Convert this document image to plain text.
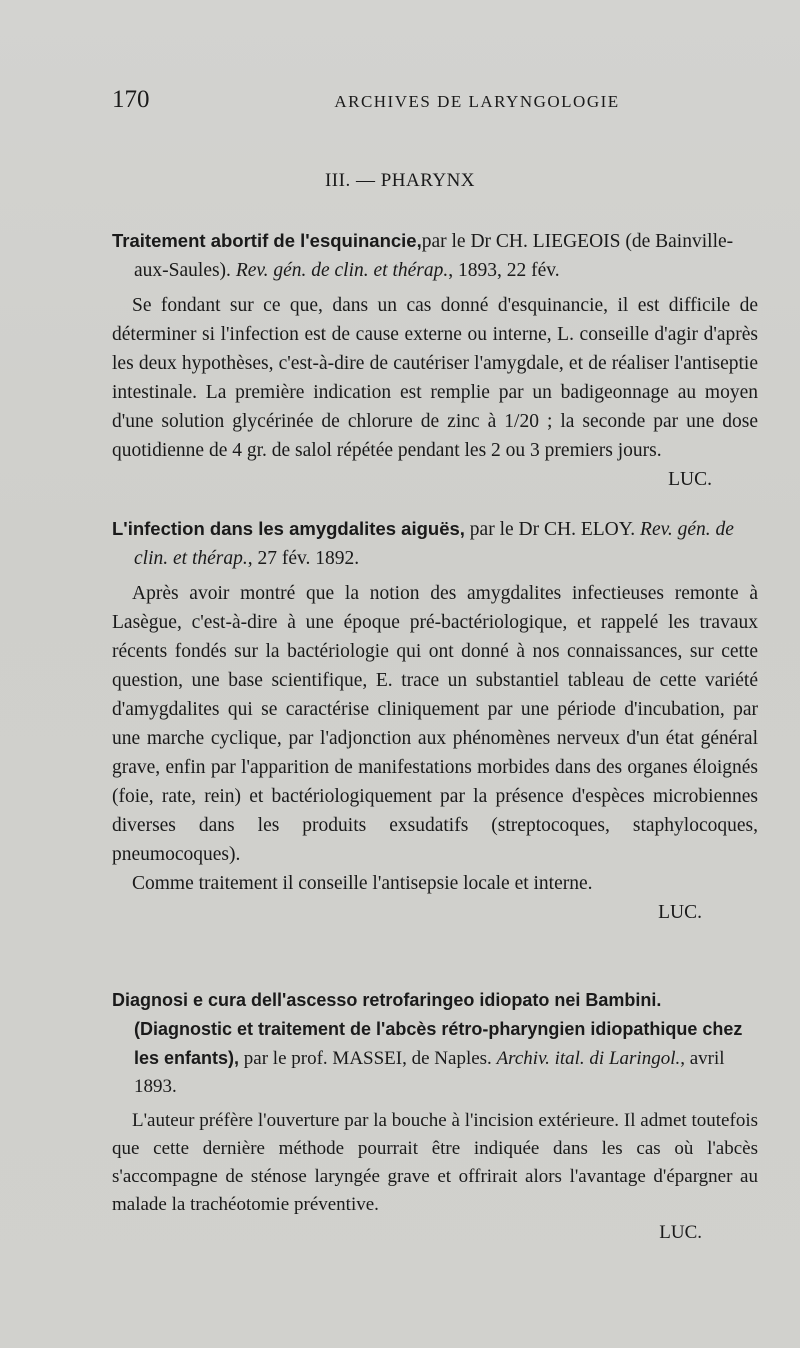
170	ARCHIVES DE LARYNGOLOGIE
III. — PHARYNX

Traitement abortif de l'esquinancie,par le Dr CH. LIEGEOIS (de Bainville-aux-Saules). Rev. gén. de clin. et thérap., 1893, 22 fév.

Se fondant sur ce que, dans un cas donné d'esquinancie, il est difficile de déterminer si l'infection est de cause externe ou interne, L. conseille d'agir d'après les deux hypothèses, c'est-à-dire de cautériser l'amygdale, et de réaliser l'antiseptie intestinale. La première indication est remplie par un badigeonnage au moyen d'une solution glycérinée de chlorure de zinc à 1/20 ; la seconde par une dose quotidienne de 4 gr. de salol répétée pendant les 2 ou 3 premiers jours.
LUC.

L'infection dans les amygdalites aiguës, par le Dr CH. ELOY. Rev. gén. de clin. et thérap., 27 fév. 1892.

Après avoir montré que la notion des amygdalites infectieuses remonte à Lasègue, c'est-à-dire à une époque pré-bactériologique, et rappelé les travaux récents fondés sur la bactériologie qui ont donné à nos connaissances, sur cette question, une base scientifique, E. trace un substantiel tableau de cette variété d'amygdalites qui se caractérise cliniquement par une période d'incubation, par une marche cyclique, par l'adjonction aux phénomènes nerveux d'un état général grave, enfin par l'apparition de manifestations morbides dans des organes éloignés (foie, rate, rein) et bactériologiquement par la présence d'espèces microbiennes diverses dans les produits exsudatifs (streptocoques, staphylocoques, pneumocoques).

Comme traitement il conseille l'antisepsie locale et interne.

LUC.

Diagnosi e cura dell'ascesso retrofaringeo idiopato nei Bambini. (Diagnostic et traitement de l'abcès rétro-pharyngien idiopathique chez les enfants), par le prof. MASSEI, de Naples. Archiv. ital. di Laringol., avril 1893.

L'auteur préfère l'ouverture par la bouche à l'incision extérieure. Il admet toutefois que cette dernière méthode pourrait être indiquée dans les cas où l'abcès s'accompagne de sténose laryngée grave et offrirait alors l'avantage d'épargner au malade la trachéotomie préventive.

LUC.
